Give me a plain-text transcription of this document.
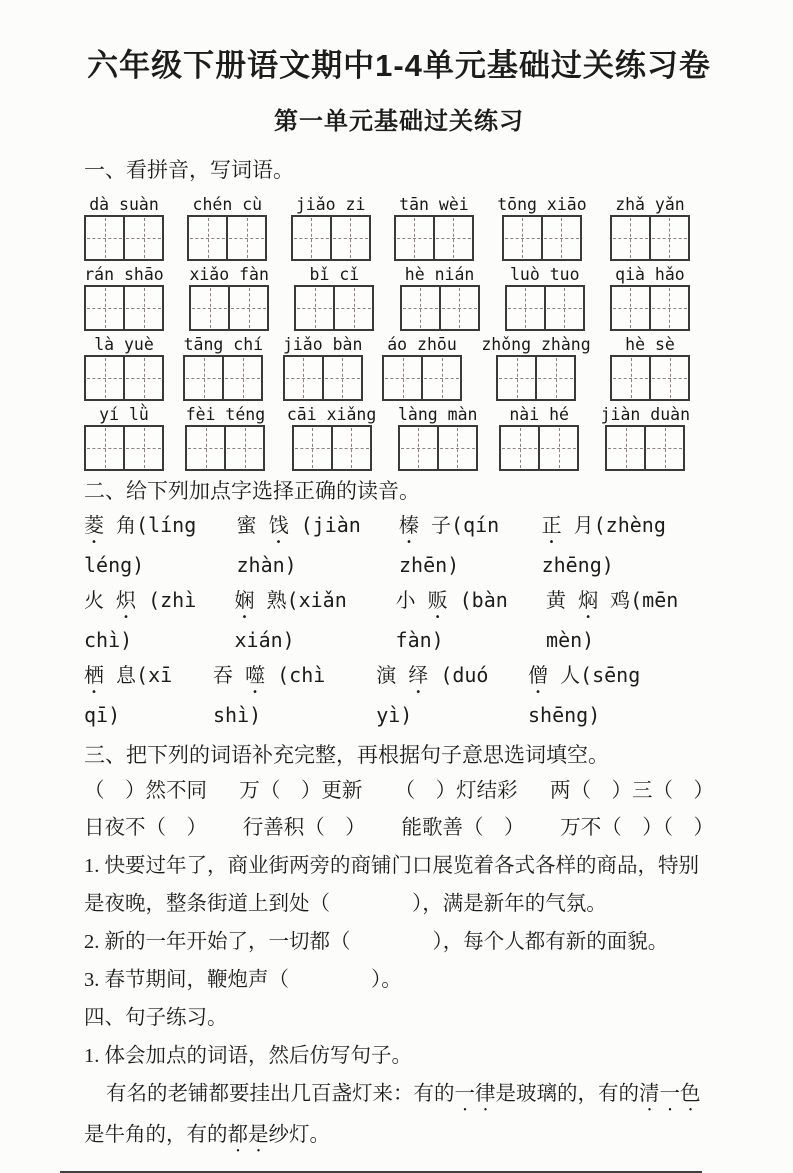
六年级下册语文期中1-4单元基础过关练习卷
第一单元基础过关练习
一、看拼音，写词语。
dà suàn chén cù jiǎo zi tān wèi tōng xiāo zhǎ yǎn
rán shāo xiǎo fàn bǐ cǐ	hè nián luò tuo qià hǎo
là yuè tāng chí jiǎo bàn áo zhōu zhǒng zhàng hè sè
yí lǜ fèi téng cāi xiǎng làng màn nài hé jiàn duàn
二、给下列加点字选择正确的读音。
菱 角(líng léng)
蜜 饯 (jiàn zhàn)
榛 子(qín zhēn)
正 月(zhèng zhēng)
火 炽 (zhì chì)
娴 熟(xiǎn xián)
小 贩 (bàn fàn)
黄 焖 鸡(mēn mèn)
栖 息(xī qī)
吞 噬 (chì shì)
演 绎 (duó yì)
僧 人(sēng shēng)
三、把下列的词语补充完整，再根据句子意思选词填空。
（　）然不同 万（　）更新 （　）灯结彩 两（　）三（　）
日夜不（　） 行善积（　） 能歌善（　） 万不（　）（　）
1. 快要过年了，商业街两旁的商铺门口展览着各式各样的商品，特别是夜晚，整条街道上到处（　　　　），满是新年的气氛。
2. 新的一年开始了，一切都（　　　　），每个人都有新的面貌。
3. 春节期间，鞭炮声（　　　　）。
四、句子练习。
1. 体会加点的词语，然后仿写句子。
有名的老铺都要挂出几百盏灯来：有的一律是玻璃的，有的清一色是牛角的，有的都是纱灯。
